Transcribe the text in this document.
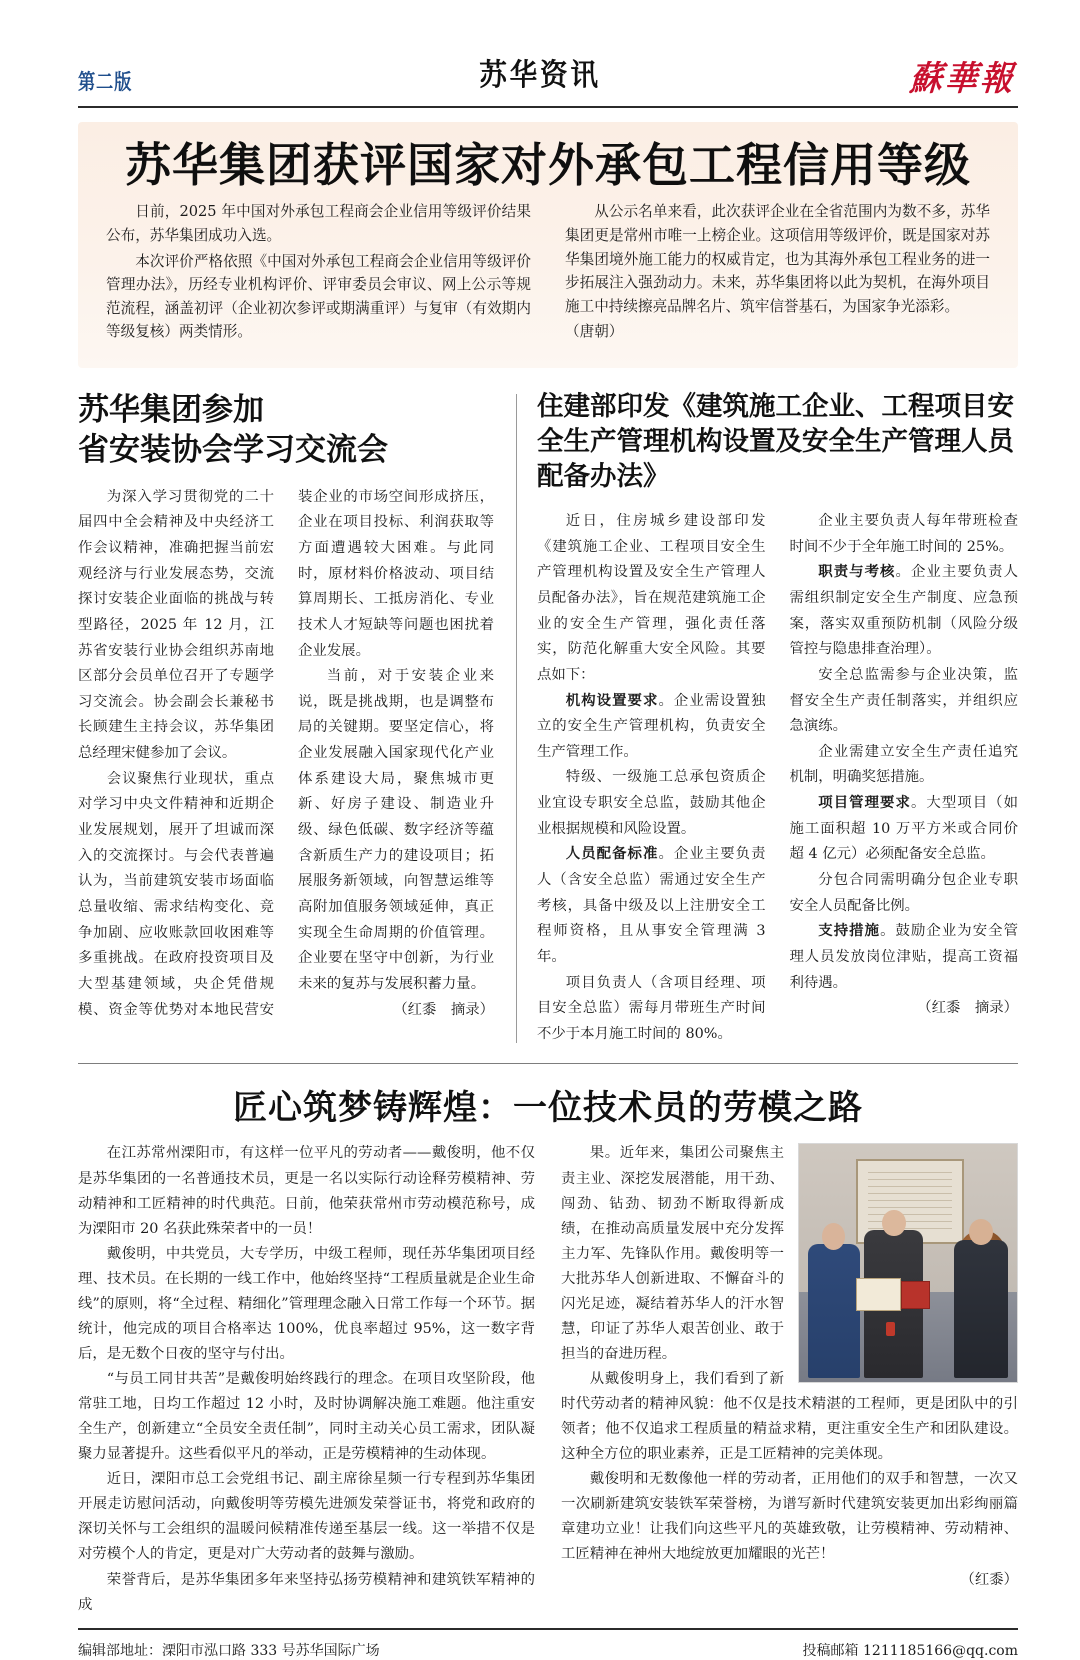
第二版	苏华资讯	蘇華報
苏华集团获评国家对外承包工程信用等级

日前，2025 年中国对外承包工程商会企业信用等级评价结果公布，苏华集团成功入选。

本次评价严格依照《中国对外承包工程商会企业信用等级评价管理办法》，历经专业机构评价、评审委员会审议、网上公示等规范流程，涵盖初评（企业初次参评或期满重评）与复审（有效期内等级复核）两类情形。

从公示名单来看，此次获评企业在全省范围内为数不多，苏华集团更是常州市唯一上榜企业。这项信用等级评价，既是国家对苏华集团境外施工能力的权威肯定，也为其海外承包工程业务的进一步拓展注入强劲动力。未来，苏华集团将以此为契机，在海外项目施工中持续擦亮品牌名片、筑牢信誉基石，为国家争光添彩。

（唐朝）

苏华集团参加
省安装协会学习交流会

为深入学习贯彻党的二十届四中全会精神及中央经济工作会议精神，准确把握当前宏观经济与行业发展态势，交流探讨安装企业面临的挑战与转型路径，2025 年 12 月，江苏省安装行业协会组织苏南地区部分会员单位召开了专题学习交流会。协会副会长兼秘书长顾建生主持会议，苏华集团总经理宋健参加了会议。

会议聚焦行业现状，重点对学习中央文件精神和近期企业发展规划，展开了坦诚而深入的交流探讨。与会代表普遍认为，当前建筑安装市场面临总量收缩、需求结构变化、竞争加剧、应收账款回收困难等多重挑战。在政府投资项目及大型基建领域，央企凭借规模、资金等优势对本地民营安装企业的市场空间形成挤压，企业在项目投标、利润获取等方面遭遇较大困难。与此同时，原材料价格波动、项目结算周期长、工抵房消化、专业技术人才短缺等问题也困扰着企业发展。

当前，对于安装企业来说，既是挑战期，也是调整布局的关键期。要坚定信心，将企业发展融入国家现代化产业体系建设大局，聚焦城市更新、好房子建设、制造业升级、绿色低碳、数字经济等蕴含新质生产力的建设项目；拓展服务新领域，向智慧运维等高附加值服务领域延伸，真正实现全生命周期的价值管理。企业要在坚守中创新，为行业未来的复苏与发展积蓄力量。

（红黍　摘录）

住建部印发《建筑施工企业、工程项目安全生产管理机构设置及安全生产管理人员配备办法》

近日，住房城乡建设部印发《建筑施工企业、工程项目安全生产管理机构设置及安全生产管理人员配备办法》，旨在规范建筑施工企业的安全生产管理，强化责任落实，防范化解重大安全风险。其要点如下：

机构设置要求。企业需设置独立的安全生产管理机构，负责安全生产管理工作。

特级、一级施工总承包资质企业宜设专职安全总监，鼓励其他企业根据规模和风险设置。

人员配备标准。企业主要负责人（含安全总监）需通过安全生产考核，具备中级及以上注册安全工程师资格，且从事安全管理满 3 年。

项目负责人（含项目经理、项目安全总监）需每月带班生产时间不少于本月施工时间的 80%。

企业主要负责人每年带班检查时间不少于全年施工时间的 25%。

职责与考核。企业主要负责人需组织制定安全生产制度、应急预案，落实双重预防机制（风险分级管控与隐患排查治理）。

安全总监需参与企业决策，监督安全生产责任制落实，并组织应急演练。

企业需建立安全生产责任追究机制，明确奖惩措施。

项目管理要求。大型项目（如施工面积超 10 万平方米或合同价超 4 亿元）必须配备安全总监。

分包合同需明确分包企业专职安全人员配备比例。

支持措施。鼓励企业为安全管理人员发放岗位津贴，提高工资福利待遇。

（红黍　摘录）

匠心筑梦铸辉煌：一位技术员的劳模之路

在江苏常州溧阳市，有这样一位平凡的劳动者——戴俊明，他不仅是苏华集团的一名普通技术员，更是一名以实际行动诠释劳模精神、劳动精神和工匠精神的时代典范。日前，他荣获常州市劳动模范称号，成为溧阳市 20 名获此殊荣者中的一员！

戴俊明，中共党员，大专学历，中级工程师，现任苏华集团项目经理、技术员。在长期的一线工作中，他始终坚持“工程质量就是企业生命线”的原则，将“全过程、精细化”管理理念融入日常工作每一个环节。据统计，他完成的项目合格率达 100%，优良率超过 95%，这一数字背后，是无数个日夜的坚守与付出。

“与员工同甘共苦”是戴俊明始终践行的理念。在项目攻坚阶段，他常驻工地，日均工作超过 12 小时，及时协调解决施工难题。他注重安全生产，创新建立“全员安全责任制”，同时主动关心员工需求，团队凝聚力显著提升。这些看似平凡的举动，正是劳模精神的生动体现。

近日，溧阳市总工会党组书记、副主席徐星频一行专程到苏华集团开展走访慰问活动，向戴俊明等劳模先进颁发荣誉证书，将党和政府的深切关怀与工会组织的温暖问候精准传递至基层一线。这一举措不仅是对劳模个人的肯定，更是对广大劳动者的鼓舞与激励。

荣誉背后，是苏华集团多年来坚持弘扬劳模精神和建筑铁军精神的成

果。近年来，集团公司聚焦主责主业、深挖发展潜能，用干劲、闯劲、钻劲、韧劲不断取得新成绩，在推动高质量发展中充分发挥主力军、先锋队作用。戴俊明等一大批苏华人创新进取、不懈奋斗的闪光足迹，凝结着苏华人的汗水智慧，印证了苏华人艰苦创业、敢于担当的奋进历程。

从戴俊明身上，我们看到了新时代劳动者的精神风貌：他不仅是技术精湛的工程师，更是团队中的引领者；他不仅追求工程质量的精益求精，更注重安全生产和团队建设。这种全方位的职业素养，正是工匠精神的完美体现。

戴俊明和无数像他一样的劳动者，正用他们的双手和智慧，一次又一次刷新建筑安装铁军荣誉榜，为谱写新时代建筑安装更加出彩绚丽篇章建功立业！让我们向这些平凡的英雄致敬，让劳模精神、劳动精神、工匠精神在神州大地绽放更加耀眼的光芒！

（红黍）

编辑部地址：溧阳市泓口路 333 号苏华国际广场	投稿邮箱 1211185166@qq.com
